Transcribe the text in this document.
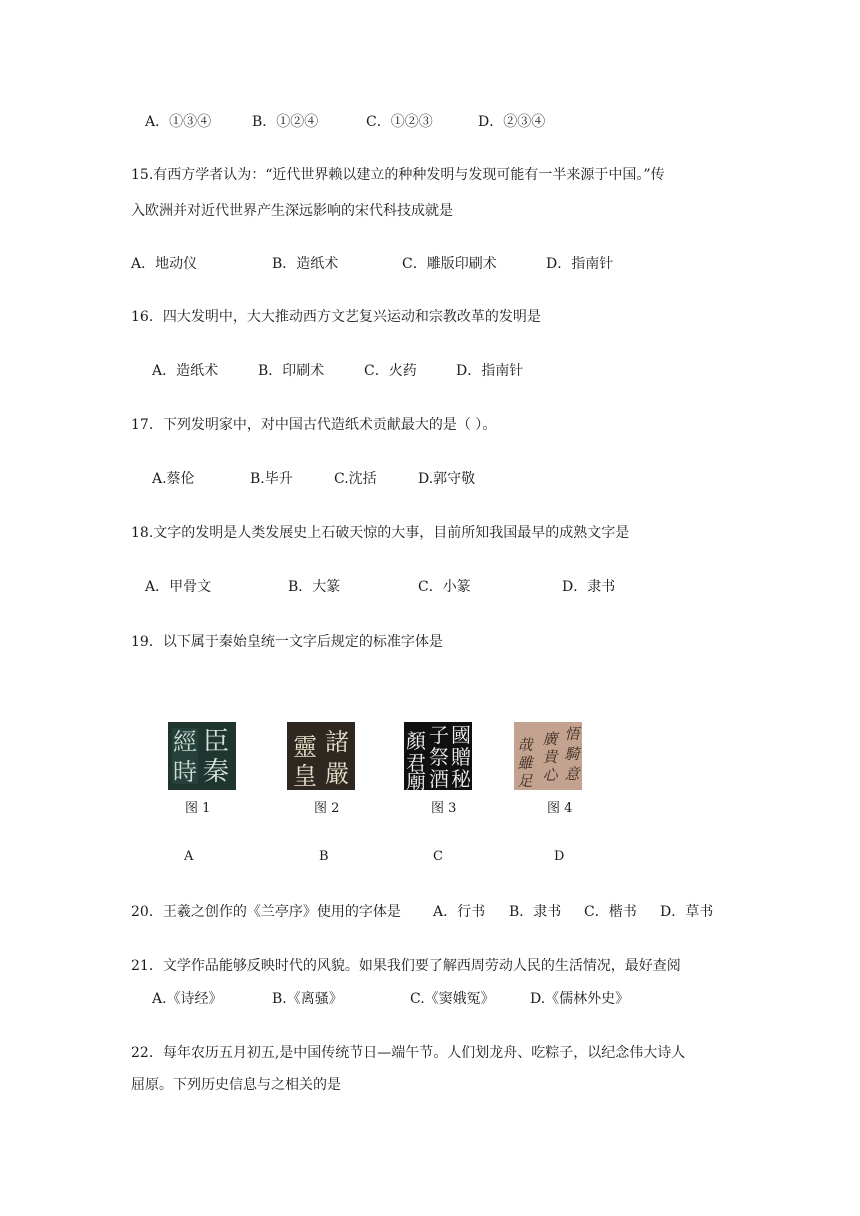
A．①③④	B．①②④	C．①②③	D．②③④
15.有西方学者认为：“近代世界赖以建立的种种发明与发现可能有一半来源于中国。”传
入欧洲并对近代世界产生深远影响的宋代科技成就是
A．地动仪	B．造纸术	C．雕版印刷术	D．指南针
16．四大发明中，大大推动西方文艺复兴运动和宗教改革的发明是
A．造纸术	B．印刷术	C．火药	D．指南针
17．下列发明家中，对中国古代造纸术贡献最大的是（ ）。
A.蔡伦	B.毕升	C.沈括	D.郭守敬
18.文字的发明是人类发展史上石破天惊的大事，目前所知我国最早的成熟文字是
A．甲骨文	B．大篆	C．小篆	D．隶书
19．以下属于秦始皇统一文字后规定的标准字体是
臣
秦
經
時
諸
靈
嚴
皇
國
子
顏
贈
祭
君
秘
酒
廟
悟
騎
意
廣
貴
心
哉
雖
足
图 1	图 2	图 3	图 4
A	B	C	D
20．王羲之创作的《兰亭序》使用的字体是 A．行书 B．隶书 C．楷书 D．草书
21．文学作品能够反映时代的风貌。如果我们要了解西周劳动人民的生活情况，最好查阅
A.《诗经》	B.《离骚》	C.《窦娥冤》	D.《儒林外史》
22．每年农历五月初五,是中国传统节日—端午节。人们划龙舟、吃粽子，以纪念伟大诗人
屈原。下列历史信息与之相关的是
